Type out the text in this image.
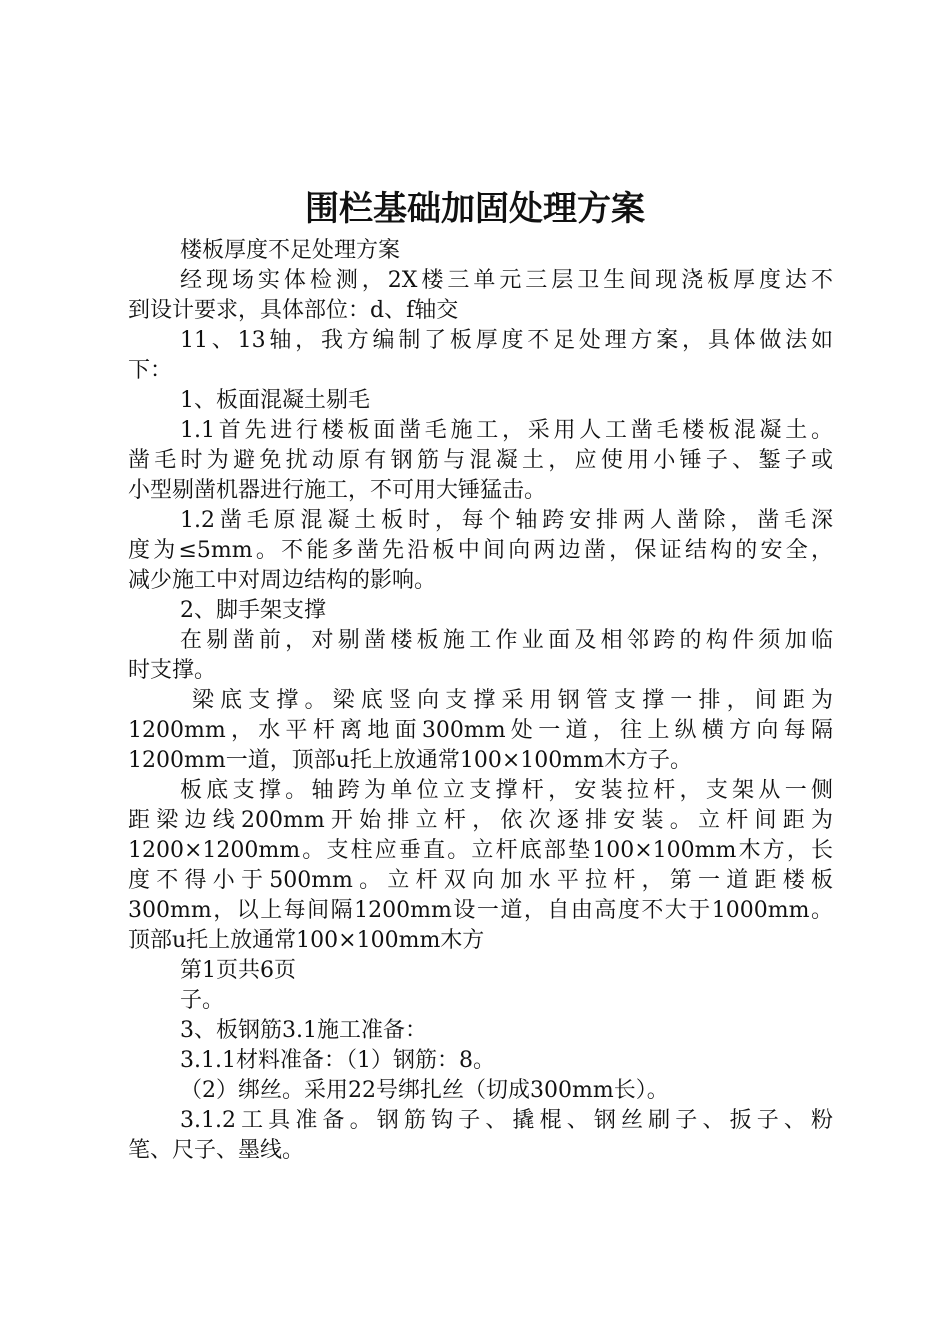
围栏基础加固处理方案
楼板厚度不足处理方案
经现场实体检测，2X楼三单元三层卫生间现浇板厚度达不
到设计要求，具体部位：d、f轴交
11、13轴，我方编制了板厚度不足处理方案，具体做法如
下：
1、板面混凝土剔毛
1.1首先进行楼板面凿毛施工，采用人工凿毛楼板混凝土。
凿毛时为避免扰动原有钢筋与混凝土，应使用小锤子、錾子或
小型剔凿机器进行施工，不可用大锤猛击。
1.2凿毛原混凝土板时，每个轴跨安排两人凿除，凿毛深
度为≤5mm。不能多凿先沿板中间向两边凿，保证结构的安全，
减少施工中对周边结构的影响。
2、脚手架支撑
在剔凿前，对剔凿楼板施工作业面及相邻跨的构件须加临
时支撑。
梁底支撑。梁底竖向支撑采用钢管支撑一排，间距为
1200mm，水平杆离地面300mm处一道，往上纵横方向每隔
1200mm一道，顶部u托上放通常100×100mm木方子。
板底支撑。轴跨为单位立支撑杆，安装拉杆，支架从一侧
距梁边线200mm开始排立杆，依次逐排安装。立杆间距为
1200×1200mm。支柱应垂直。立杆底部垫100×100mm木方，长
度不得小于500mm。立杆双向加水平拉杆，第一道距楼板
300mm，以上每间隔1200mm设一道，自由高度不大于1000mm。
顶部u托上放通常100×100mm木方
第1页共6页
子。
3、板钢筋3.1施工准备：
3.1.1材料准备：（1）钢筋：8。
（2）绑丝。采用22号绑扎丝（切成300mm长）。
3.1.2工具准备。钢筋钩子、撬棍、钢丝刷子、扳子、粉
笔、尺子、墨线。
